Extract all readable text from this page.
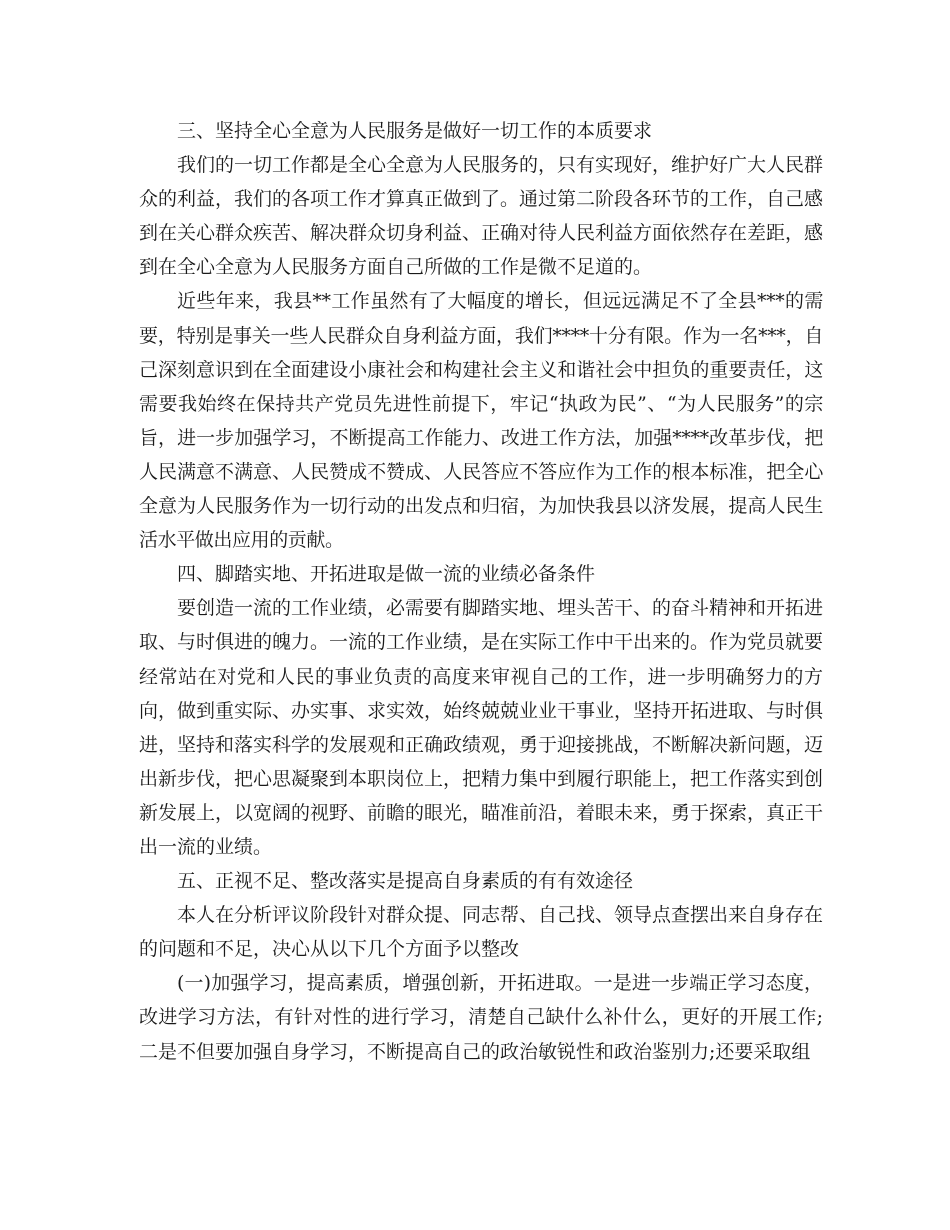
三、坚持全心全意为人民服务是做好一切工作的本质要求

我们的一切工作都是全心全意为人民服务的，只有实现好，维护好广大人民群众的利益，我们的各项工作才算真正做到了。通过第二阶段各环节的工作，自己感到在关心群众疾苦、解决群众切身利益、正确对待人民利益方面依然存在差距，感到在全心全意为人民服务方面自己所做的工作是微不足道的。

近些年来，我县**工作虽然有了大幅度的增长，但远远满足不了全县***的需要，特别是事关一些人民群众自身利益方面，我们****十分有限。作为一名***，自己深刻意识到在全面建设小康社会和构建社会主义和谐社会中担负的重要责任，这需要我始终在保持共产党员先进性前提下，牢记“执政为民”、“为人民服务”的宗旨，进一步加强学习，不断提高工作能力、改进工作方法，加强****改革步伐，把人民满意不满意、人民赞成不赞成、人民答应不答应作为工作的根本标准，把全心全意为人民服务作为一切行动的出发点和归宿，为加快我县以济发展，提高人民生活水平做出应用的贡献。

四、脚踏实地、开拓进取是做一流的业绩必备条件

要创造一流的工作业绩，必需要有脚踏实地、埋头苦干、的奋斗精神和开拓进取、与时俱进的魄力。一流的工作业绩，是在实际工作中干出来的。作为党员就要经常站在对党和人民的事业负责的高度来审视自己的工作，进一步明确努力的方向，做到重实际、办实事、求实效，始终兢兢业业干事业，坚持开拓进取、与时俱进，坚持和落实科学的发展观和正确政绩观，勇于迎接挑战，不断解决新问题，迈出新步伐，把心思凝聚到本职岗位上，把精力集中到履行职能上，把工作落实到创新发展上，以宽阔的视野、前瞻的眼光，瞄准前沿，着眼未来，勇于探索，真正干出一流的业绩。

五、正视不足、整改落实是提高自身素质的有有效途径

本人在分析评议阶段针对群众提、同志帮、自己找、领导点查摆出来自身存在的问题和不足，决心从以下几个方面予以整改

(一)加强学习，提高素质，增强创新，开拓进取。一是进一步端正学习态度，改进学习方法，有针对性的进行学习，清楚自己缺什么补什么，更好的开展工作;二是不但要加强自身学习，不断提高自己的政治敏锐性和政治鉴别力;还要采取组
